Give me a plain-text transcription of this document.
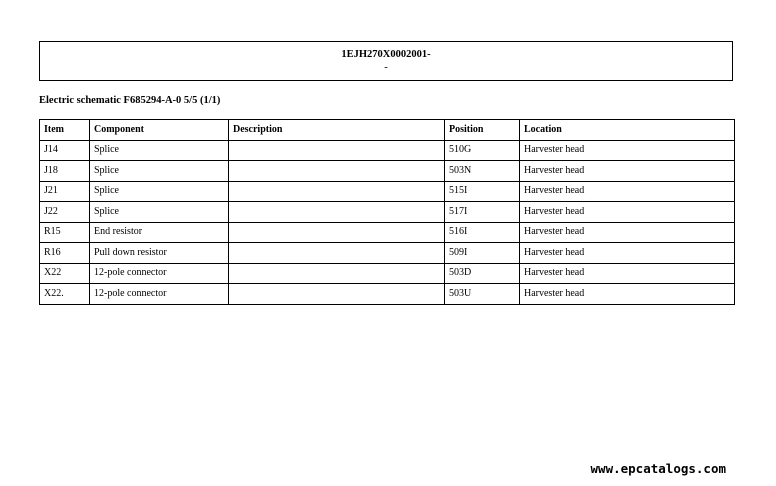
1EJH270X0002001-
-
Electric schematic F685294-A-0 5/5 (1/1)
Item	Component	Description	Position	Location
J14	Splice		510G	Harvester head
J18	Splice		503N	Harvester head
J21	Splice		515I	Harvester head
J22	Splice		517I	Harvester head
R15	End resistor		516I	Harvester head
R16	Pull down resistor		509I	Harvester head
X22	12-pole connector		503D	Harvester head
X22.	12-pole connector		503U	Harvester head
www.epcatalogs.com
